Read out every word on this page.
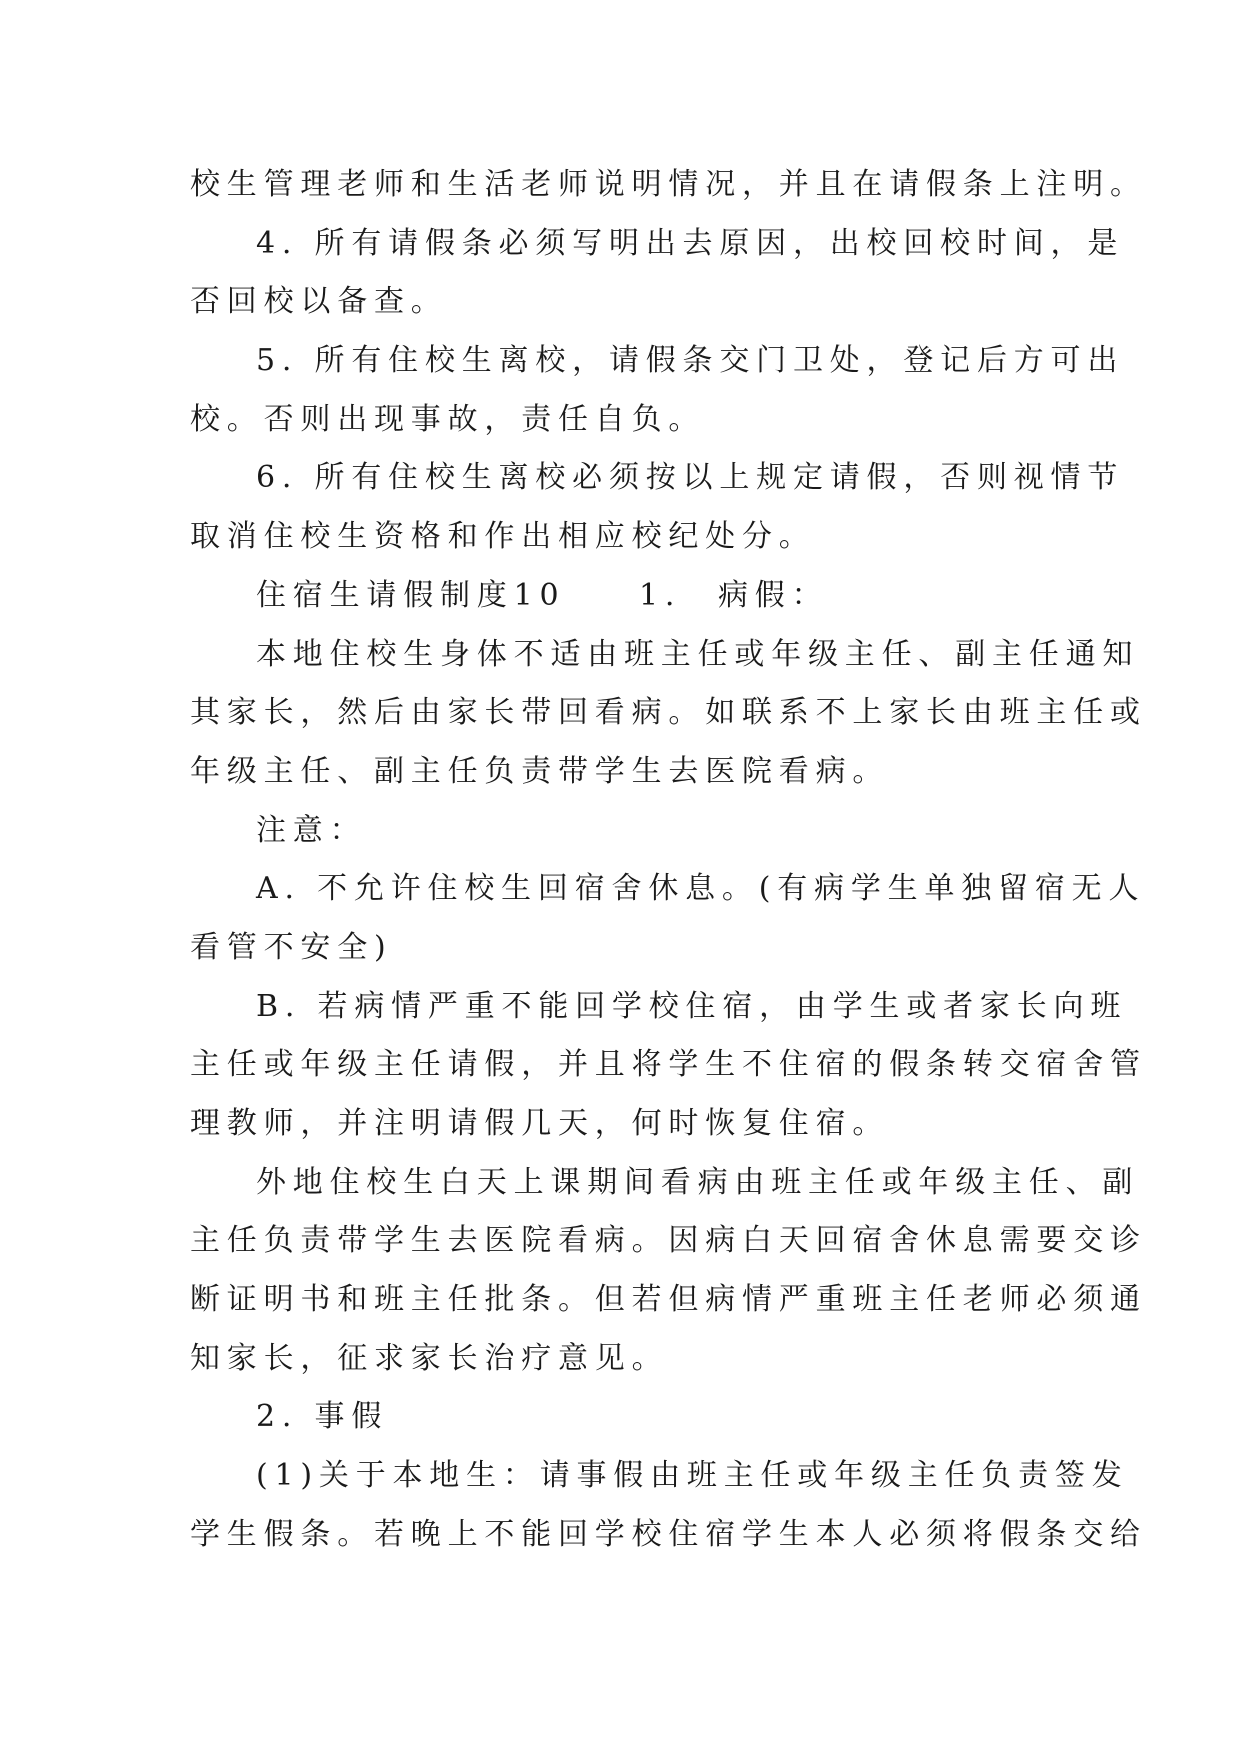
校生管理老师和生活老师说明情况，并且在请假条上注明。
4. 所有请假条必须写明出去原因，出校回校时间，是
否回校以备查。
5. 所有住校生离校，请假条交门卫处，登记后方可出
校。否则出现事故，责任自负。
6. 所有住校生离校必须按以上规定请假，否则视情节
取消住校生资格和作出相应校纪处分。
住宿生请假制度10　　1.　病假：
本地住校生身体不适由班主任或年级主任、副主任通知
其家长，然后由家长带回看病。如联系不上家长由班主任或
年级主任、副主任负责带学生去医院看病。
注意：
A. 不允许住校生回宿舍休息。(有病学生单独留宿无人
看管不安全)
B. 若病情严重不能回学校住宿，由学生或者家长向班
主任或年级主任请假，并且将学生不住宿的假条转交宿舍管
理教师，并注明请假几天，何时恢复住宿。
外地住校生白天上课期间看病由班主任或年级主任、副
主任负责带学生去医院看病。因病白天回宿舍休息需要交诊
断证明书和班主任批条。但若但病情严重班主任老师必须通
知家长，征求家长治疗意见。
2. 事假
(1)关于本地生：请事假由班主任或年级主任负责签发
学生假条。若晚上不能回学校住宿学生本人必须将假条交给
